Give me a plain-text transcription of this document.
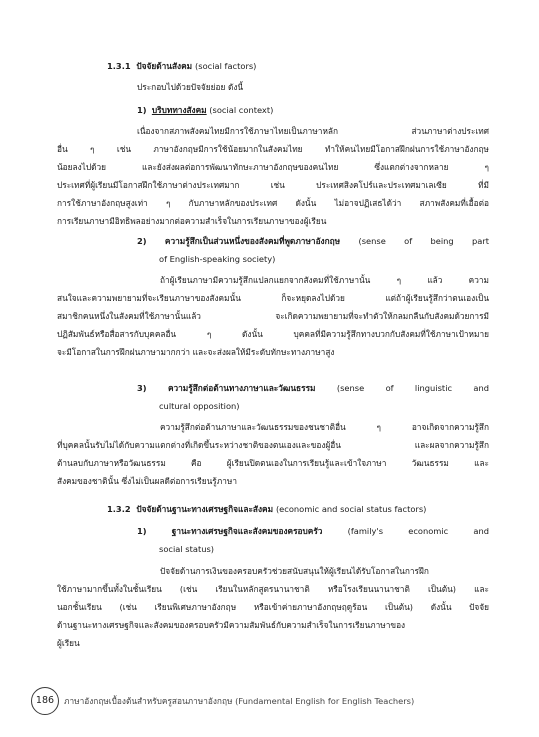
1.3.1 ปัจจัยด้านสังคม (social factors)
ประกอบไปด้วยปัจจัยย่อย ดังนี้
1) บริบททางสังคม (social context)
เนื่องจากสภาพสังคมไทยมีการใช้ภาษาไทยเป็นภาษาหลัก ส่วนภาษาต่างประเทศ
อื่น ๆ เช่น ภาษาอังกฤษมีการใช้น้อยมากในสังคมไทย ทำให้คนไทยมีโอกาสฝึกฝนการใช้ภาษาอังกฤษ
น้อยลงไปด้วย และยังส่งผลต่อการพัฒนาทักษะภาษาอังกฤษของคนไทย ซึ่งแตกต่างจากหลาย ๆ
ประเทศที่ผู้เรียนมีโอกาสฝึกใช้ภาษาต่างประเทศมาก เช่น ประเทศสิงคโปร์และประเทศมาเลเซีย ที่มี
การใช้ภาษาอังกฤษสูงเท่า ๆ กับภาษาหลักของประเทศ ดังนั้น ไม่อาจปฏิเสธได้ว่า สภาพสังคมที่เอื้อต่อ
การเรียนภาษามีอิทธิพลอย่างมากต่อความสำเร็จในการเรียนภาษาของผู้เรียน
2) ความรู้สึกเป็นส่วนหนึ่งของสังคมที่พูดภาษาอังกฤษ (sense of being part
of English-speaking society)
ถ้าผู้เรียนภาษามีความรู้สึกแปลกแยกจากสังคมที่ใช้ภาษานั้น ๆ แล้ว ความ
สนใจและความพยายามที่จะเรียนภาษาของสังคมนั้น ก็จะหยุดลงไปด้วย แต่ถ้าผู้เรียนรู้สึกว่าตนเองเป็น
สมาชิกคนหนึ่งในสังคมที่ใช้ภาษานั้นแล้ว จะเกิดความพยายามที่จะทำตัวให้กลมกลืนกับสังคมด้วยการมี
ปฏิสัมพันธ์หรือสื่อสารกับบุคคลอื่น ๆ ดังนั้น บุคคลที่มีความรู้สึกทางบวกกับสังคมที่ใช้ภาษาเป้าหมาย
จะมีโอกาสในการฝึกฝนภาษามากกว่า และจะส่งผลให้มีระดับทักษะทางภาษาสูง
3)	ความรู้สึกต่อต้านทางภาษาและวัฒนธรรม	(sense of linguistic and
cultural opposition)
ความรู้สึกต่อต้านภาษาและวัฒนธรรมของชนชาติอื่น ๆ อาจเกิดจากความรู้สึก
ที่บุคคลนั้นรับไม่ได้กับความแตกต่างที่เกิดขึ้นระหว่างชาติของตนเองและของผู้อื่น และผลจากความรู้สึก
ต้านลบกับภาษาหรือวัฒนธรรม คือ ผู้เรียนปิดตนเองในการเรียนรู้และเข้าใจภาษา วัฒนธรรม และ
สังคมของชาตินั้น ซึ่งไม่เป็นผลดีต่อการเรียนรู้ภาษา
1.3.2 ปัจจัยด้านฐานะทางเศรษฐกิจและสังคม (economic and social status factors)
1)	ฐานะทางเศรษฐกิจและสังคมของครอบครัว	(family's economic and
social status)
ปัจจัยด้านการเงินของครอบครัวช่วยสนับสนุนให้ผู้เรียนได้รับโอกาสในการฝึก
ใช้ภาษามากขึ้นทั้งในชั้นเรียน (เช่น เรียนในหลักสูตรนานาชาติ หรือโรงเรียนนานาชาติ เป็นต้น) และ
นอกชั้นเรียน (เช่น เรียนพิเศษภาษาอังกฤษ หรือเข้าค่ายภาษาอังกฤษฤดูร้อน เป็นต้น) ดังนั้น ปัจจัย
ด้านฐานะทางเศรษฐกิจและสังคมของครอบครัวมีความสัมพันธ์กับความสำเร็จในการเรียนภาษาของ
ผู้เรียน
186	ภาษาอังกฤษเบื้องต้นสำหรับครูสอนภาษาอังกฤษ (Fundamental English for English Teachers)
